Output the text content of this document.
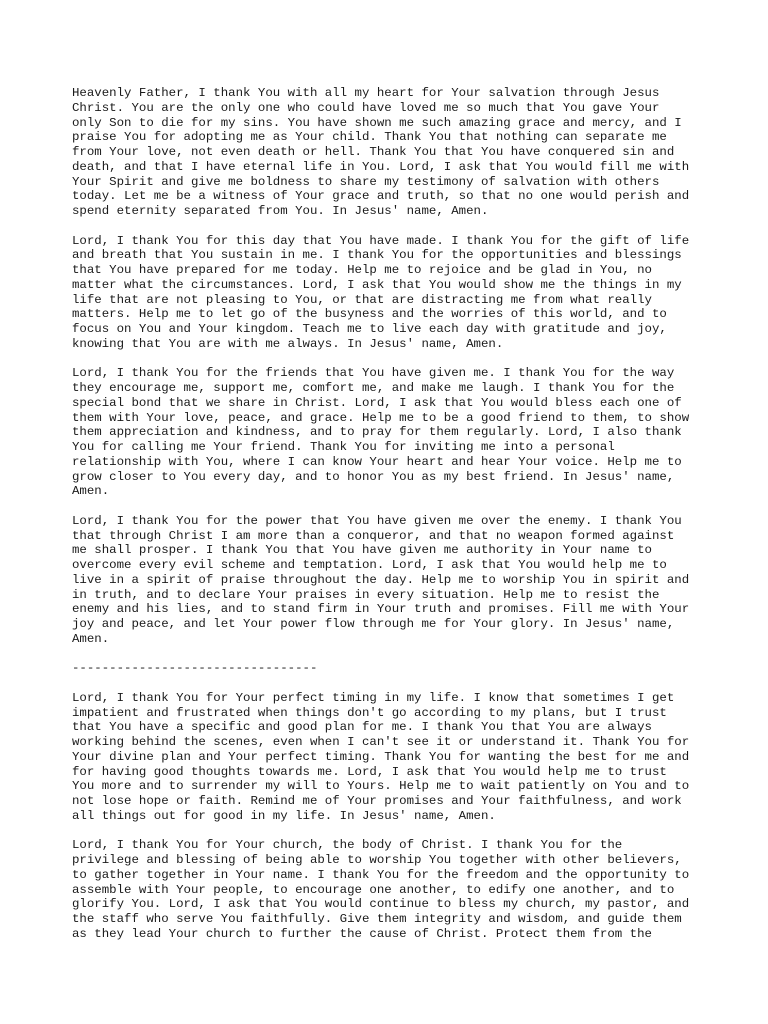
Heavenly Father, I thank You with all my heart for Your salvation through Jesus
Christ. You are the only one who could have loved me so much that You gave Your
only Son to die for my sins. You have shown me such amazing grace and mercy, and I
praise You for adopting me as Your child. Thank You that nothing can separate me
from Your love, not even death or hell. Thank You that You have conquered sin and
death, and that I have eternal life in You. Lord, I ask that You would fill me with
Your Spirit and give me boldness to share my testimony of salvation with others
today. Let me be a witness of Your grace and truth, so that no one would perish and
spend eternity separated from You. In Jesus' name, Amen.

Lord, I thank You for this day that You have made. I thank You for the gift of life
and breath that You sustain in me. I thank You for the opportunities and blessings
that You have prepared for me today. Help me to rejoice and be glad in You, no
matter what the circumstances. Lord, I ask that You would show me the things in my
life that are not pleasing to You, or that are distracting me from what really
matters. Help me to let go of the busyness and the worries of this world, and to
focus on You and Your kingdom. Teach me to live each day with gratitude and joy,
knowing that You are with me always. In Jesus' name, Amen.

Lord, I thank You for the friends that You have given me. I thank You for the way
they encourage me, support me, comfort me, and make me laugh. I thank You for the
special bond that we share in Christ. Lord, I ask that You would bless each one of
them with Your love, peace, and grace. Help me to be a good friend to them, to show
them appreciation and kindness, and to pray for them regularly. Lord, I also thank
You for calling me Your friend. Thank You for inviting me into a personal
relationship with You, where I can know Your heart and hear Your voice. Help me to
grow closer to You every day, and to honor You as my best friend. In Jesus' name,
Amen.

Lord, I thank You for the power that You have given me over the enemy. I thank You
that through Christ I am more than a conqueror, and that no weapon formed against
me shall prosper. I thank You that You have given me authority in Your name to
overcome every evil scheme and temptation. Lord, I ask that You would help me to
live in a spirit of praise throughout the day. Help me to worship You in spirit and
in truth, and to declare Your praises in every situation. Help me to resist the
enemy and his lies, and to stand firm in Your truth and promises. Fill me with Your
joy and peace, and let Your power flow through me for Your glory. In Jesus' name,
Amen.

---------------------------------

Lord, I thank You for Your perfect timing in my life. I know that sometimes I get
impatient and frustrated when things don't go according to my plans, but I trust
that You have a specific and good plan for me. I thank You that You are always
working behind the scenes, even when I can't see it or understand it. Thank You for
Your divine plan and Your perfect timing. Thank You for wanting the best for me and
for having good thoughts towards me. Lord, I ask that You would help me to trust
You more and to surrender my will to Yours. Help me to wait patiently on You and to
not lose hope or faith. Remind me of Your promises and Your faithfulness, and work
all things out for good in my life. In Jesus' name, Amen.

Lord, I thank You for Your church, the body of Christ. I thank You for the
privilege and blessing of being able to worship You together with other believers,
to gather together in Your name. I thank You for the freedom and the opportunity to
assemble with Your people, to encourage one another, to edify one another, and to
glorify You. Lord, I ask that You would continue to bless my church, my pastor, and
the staff who serve You faithfully. Give them integrity and wisdom, and guide them
as they lead Your church to further the cause of Christ. Protect them from the
